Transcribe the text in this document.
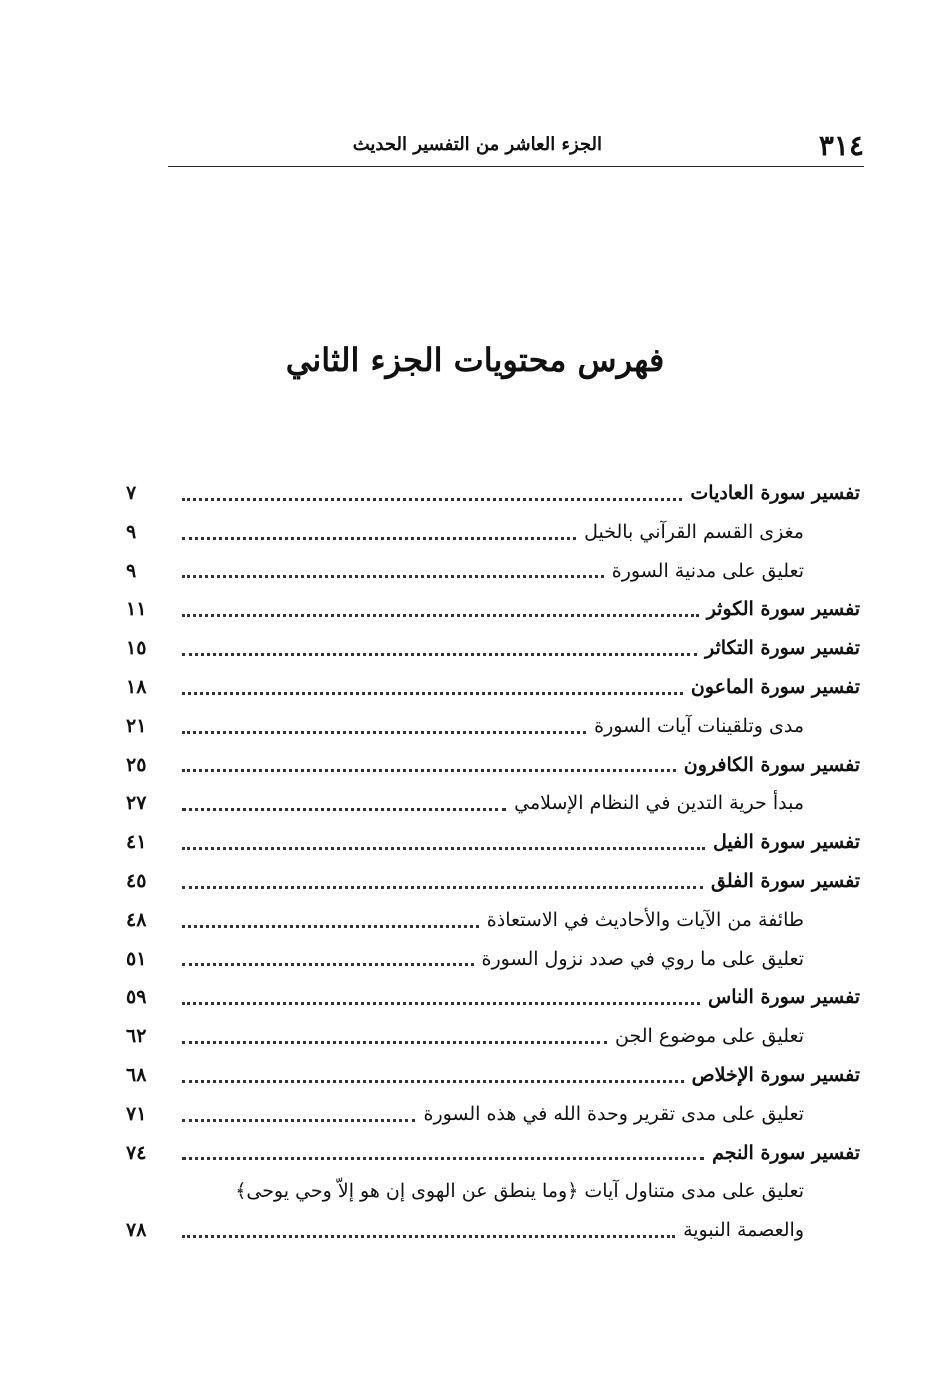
٣١٤
الجزء العاشر من التفسير الحديث
فهرس محتويات الجزء الثاني
تفسير سورة العاديات
٧
مغزى القسم القرآني بالخيل
٩
تعليق على مدنية السورة
٩
تفسير سورة الكوثر
١١
تفسير سورة التكاثر
١٥
تفسير سورة الماعون
١٨
مدى وتلقينات آيات السورة
٢١
تفسير سورة الكافرون
٢٥
مبدأ حرية التدين في النظام الإسلامي
٢٧
تفسير سورة الفيل
٤١
تفسير سورة الفلق
٤٥
طائفة من الآيات والأحاديث في الاستعاذة
٤٨
تعليق على ما روي في صدد نزول السورة
٥١
تفسير سورة الناس
٥٩
تعليق على موضوع الجن
٦٢
تفسير سورة الإخلاص
٦٨
تعليق على مدى تقرير وحدة الله في هذه السورة
٧١
تفسير سورة النجم
٧٤
تعليق على مدى متناول آيات ﴿وما ينطق عن الهوى إن هو إلاّ وحي يوحى﴾
والعصمة النبوية
٧٨
